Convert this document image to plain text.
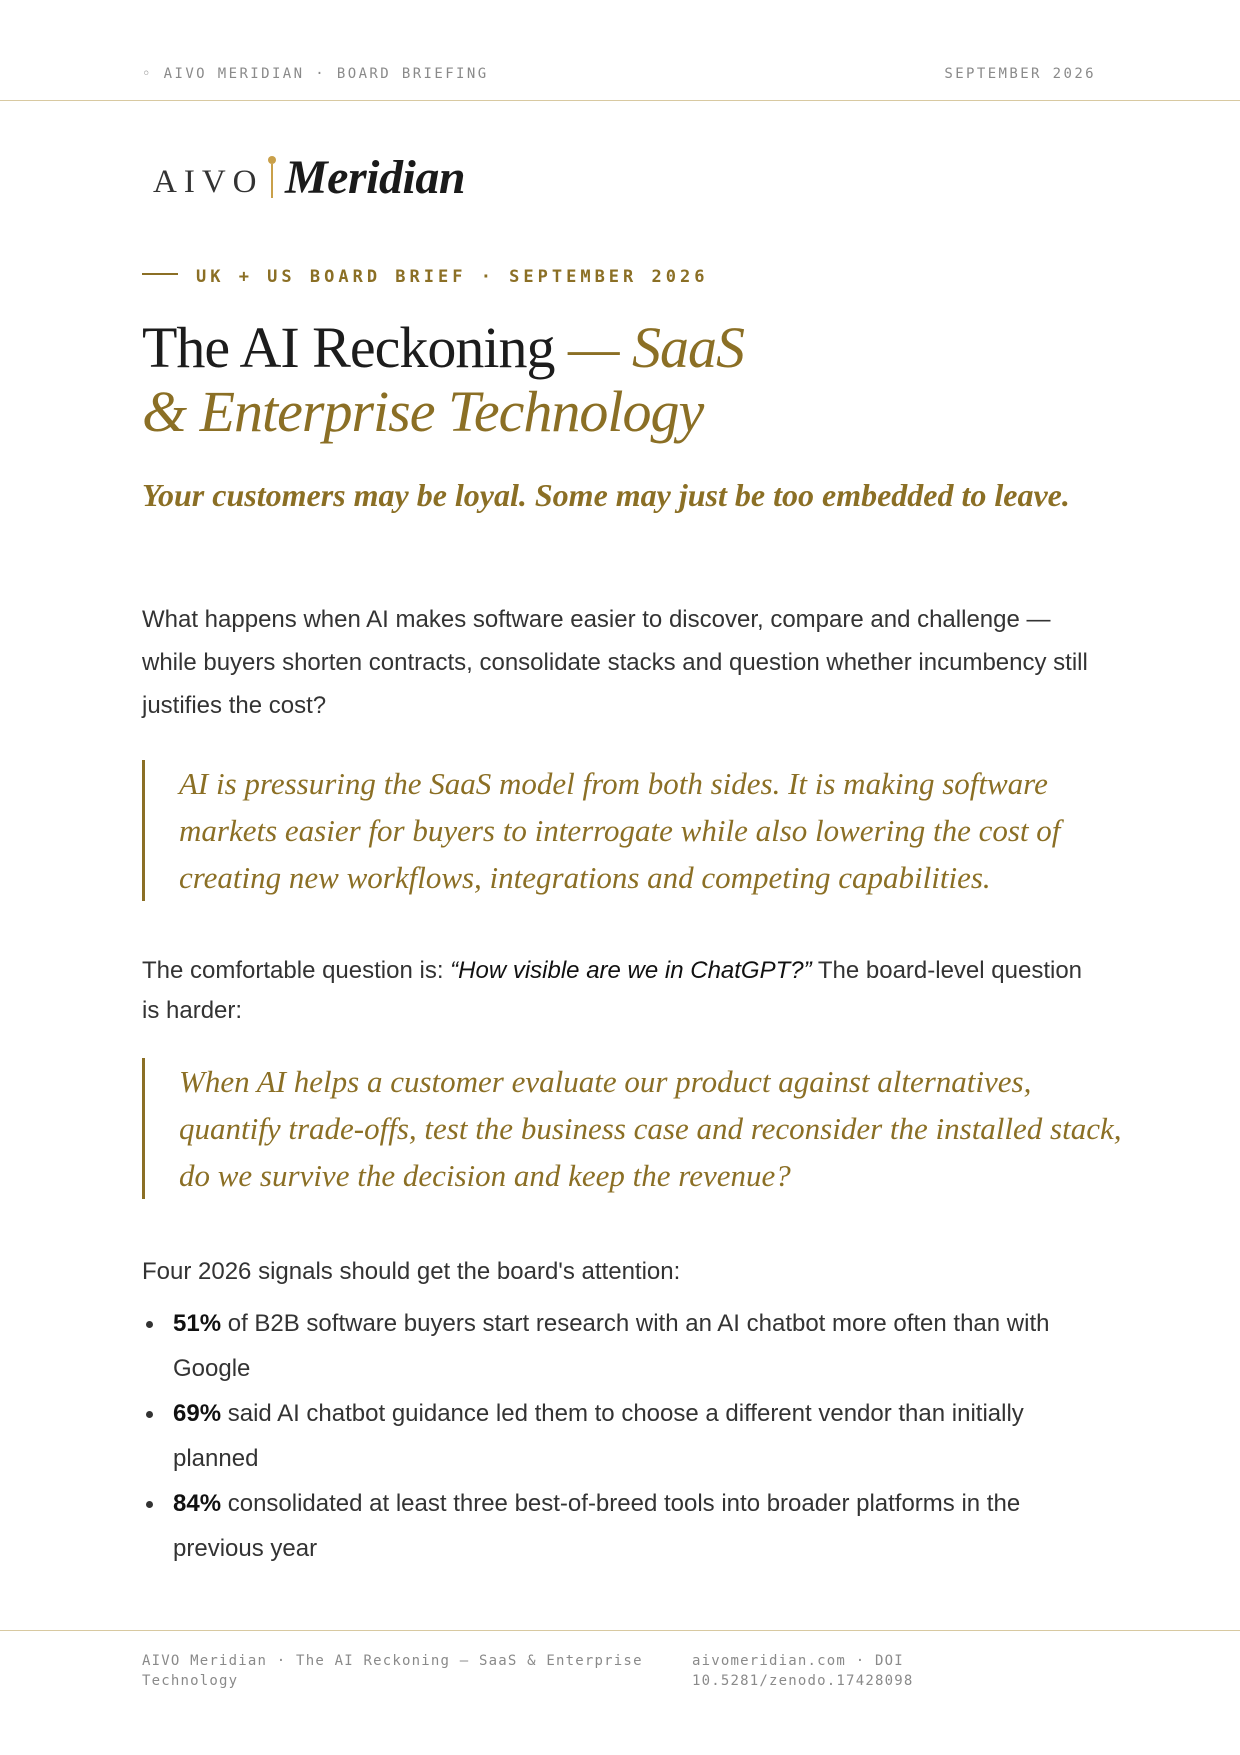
◦ AIVO MERIDIAN · BOARD BRIEFING	SEPTEMBER 2026
AIVO Meridian
UK + US BOARD BRIEF · SEPTEMBER 2026
The AI Reckoning — SaaS
& Enterprise Technology
Your customers may be loyal. Some may just be too embedded to leave.
What happens when AI makes software easier to discover, compare and challenge — while buyers shorten contracts, consolidate stacks and question whether incumbency still justifies the cost?
AI is pressuring the SaaS model from both sides. It is making software markets easier for buyers to interrogate while also lowering the cost of creating new workflows, integrations and competing capabilities.
The comfortable question is: “How visible are we in ChatGPT?” The board-level question is harder:
When AI helps a customer evaluate our product against alternatives, quantify trade-offs, test the business case and reconsider the installed stack, do we survive the decision and keep the revenue?
Four 2026 signals should get the board's attention:
51% of B2B software buyers start research with an AI chatbot more often than with Google
69% said AI chatbot guidance led them to choose a different vendor than initially planned
84% consolidated at least three best-of-breed tools into broader platforms in the previous year
AIVO Meridian · The AI Reckoning — SaaS & Enterprise Technology
aivomeridian.com · DOI 10.5281/zenodo.17428098
